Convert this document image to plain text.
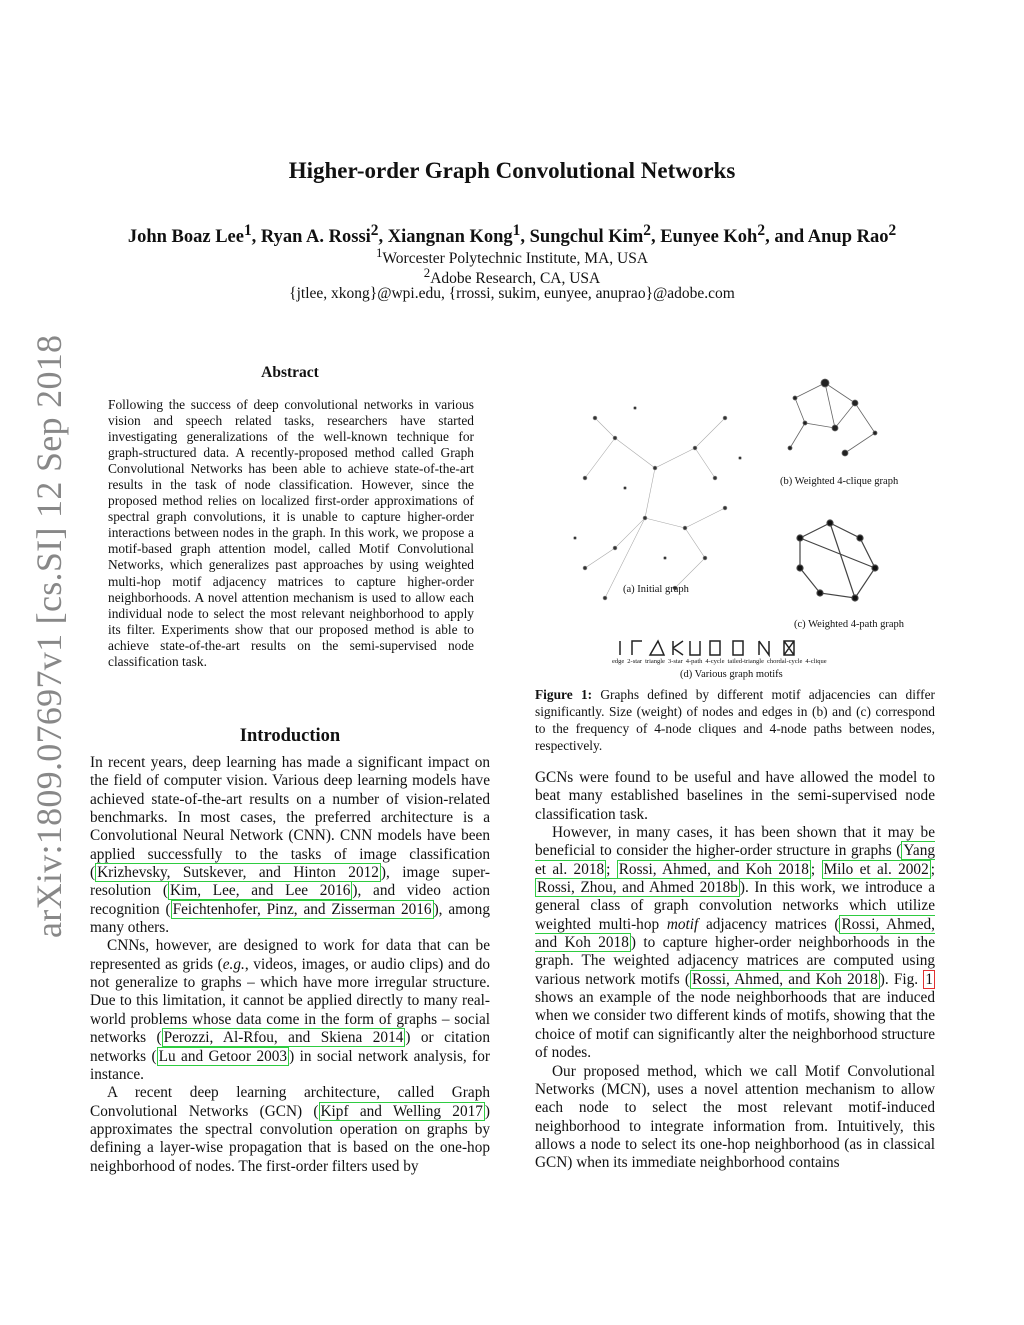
arXiv:1809.07697v1 [cs.SI] 12 Sep 2018
Higher-order Graph Convolutional Networks
John Boaz Lee$^1$, Ryan A. Rossi$^2$, Xiangnan Kong$^1$, Sungchul Kim$^2$, Eunyee Koh$^2$, and Anup Rao$^2$
$^1$Worcester Polytechnic Institute, MA, USA
$^2$Adobe Research, CA, USA
{jtlee, xkong}@wpi.edu, {rrossi, sukim, eunyee, anuprao}@adobe.com
Abstract
Following the success of deep convolutional networks in various vision and speech related tasks, researchers have started investigating generalizations of the well-known technique for graph-structured data. A recently-proposed method called Graph Convolutional Networks has been able to achieve state-of-the-art results in the task of node classification. However, since the proposed method relies on localized first-order approximations of spectral graph convolutions, it is unable to capture higher-order interactions between nodes in the graph. In this work, we propose a motif-based graph attention model, called Motif Convolutional Networks, which generalizes past approaches by using weighted multi-hop motif adjacency matrices to capture higher-order neighborhoods. A novel attention mechanism is used to allow each individual node to select the most relevant neighborhood to apply its filter. Experiments show that our proposed method is able to achieve state-of-the-art results on the semi-supervised node classification task.
Introduction

In recent years, deep learning has made a significant impact on the field of computer vision. Various deep learning models have achieved state-of-the-art results on a number of vision-related benchmarks. In most cases, the preferred architecture is a Convolutional Neural Network (CNN). CNN models have been applied successfully to the tasks of image classification ( Krizhevsky, Sutskever, and Hinton 2012 ), image super-resolution ( Kim, Lee, and Lee 2016 ), and video action recognition ( Feichtenhofer, Pinz, and Zisserman 2016 ), among many others.

CNNs, however, are designed to work for data that can be represented as grids (e.g., videos, images, or audio clips) and do not generalize to graphs – which have more irregular structure. Due to this limitation, it cannot be applied directly to many real-world problems whose data come in the form of graphs – social networks ( Perozzi, Al-Rfou, and Skiena 2014 ) or citation networks ( Lu and Getoor 2003 ) in social network analysis, for instance.

A recent deep learning architecture, called Graph Convolutional Networks (GCN) ( Kipf and Welling 2017 ) approximates the spectral convolution operation on graphs by defining a layer-wise propagation that is based on the one-hop neighborhood of nodes. The first-order filters used by

(a) Initial graph
(b) Weighted 4-clique graph
(c) Weighted 4-path graph
edge 2-star triangle 3-star 4-path 4-cycle tailed-triangle chordal-cycle 4-clique
(d) Various graph motifs
Figure 1: Graphs defined by different motif adjacencies can differ significantly. Size (weight) of nodes and edges in (b) and (c) correspond to the frequency of 4-node cliques and 4-node paths between nodes, respectively.

GCNs were found to be useful and have allowed the model to beat many established baselines in the semi-supervised node classification task.

However, in many cases, it has been shown that it may be beneficial to consider the higher-order structure in graphs ( Yang et al. 2018 ; Rossi, Ahmed, and Koh 2018 ; Milo et al. 2002 ; Rossi, Zhou, and Ahmed 2018b ). In this work, we introduce a general class of graph convolution networks which utilize weighted multi-hop motif adjacency matrices ( Rossi, Ahmed, and Koh 2018 ) to capture higher-order neighborhoods in the graph. The weighted adjacency matrices are computed using various network motifs ( Rossi, Ahmed, and Koh 2018 ). Fig. 1 shows an example of the node neighborhoods that are induced when we consider two different kinds of motifs, showing that the choice of motif can significantly alter the neighborhood structure of nodes.

Our proposed method, which we call Motif Convolutional Networks (MCN), uses a novel attention mechanism to allow each node to select the most relevant motif-induced neighborhood to integrate information from. Intuitively, this allows a node to select its one-hop neighborhood (as in classical GCN) when its immediate neighborhood contains
